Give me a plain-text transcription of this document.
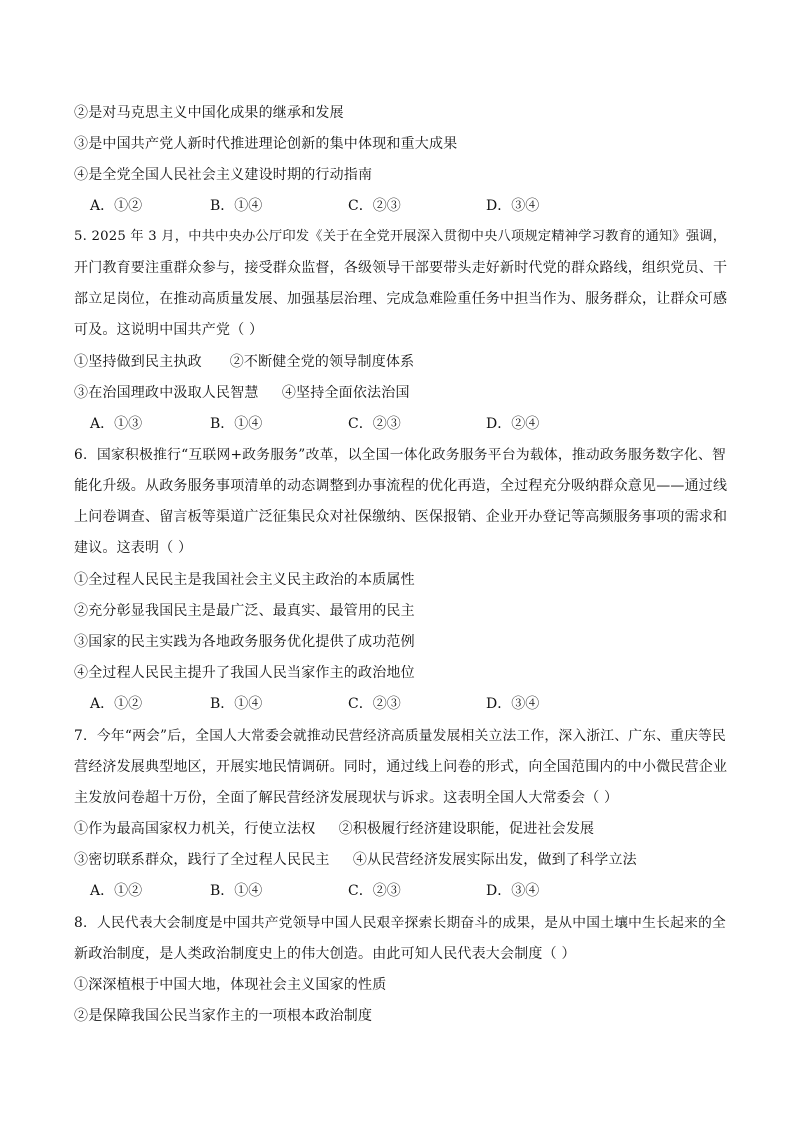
②是对马克思主义中国化成果的继承和发展
③是中国共产党人新时代推进理论创新的集中体现和重大成果
④是全党全国人民社会主义建设时期的行动指南
A．①②	B．①④	C．②③	D．③④
5. 2025 年 3 月，中共中央办公厅印发《关于在全党开展深入贯彻中央八项规定精神学习教育的通知》强调，
开门教育要注重群众参与，接受群众监督，各级领导干部要带头走好新时代党的群众路线，组织党员、干
部立足岗位，在推动高质量发展、加强基层治理、完成急难险重任务中担当作为、服务群众，让群众可感
可及。这说明中国共产党（ ）
①坚持做到民主执政      ②不断健全党的领导制度体系
③在治国理政中汲取人民智慧     ④坚持全面依法治国
A．①③	B．①④	C．②③	D．②④
6．国家积极推行“互联网+政务服务”改革，以全国一体化政务服务平台为载体，推动政务服务数字化、智
能化升级。从政务服务事项清单的动态调整到办事流程的优化再造，全过程充分吸纳群众意见——通过线
上问卷调查、留言板等渠道广泛征集民众对社保缴纳、医保报销、企业开办登记等高频服务事项的需求和
建议。这表明（ ）
①全过程人民民主是我国社会主义民主政治的本质属性
②充分彰显我国民主是最广泛、最真实、最管用的民主
③国家的民主实践为各地政务服务优化提供了成功范例
④全过程人民民主提升了我国人民当家作主的政治地位
A．①②	B．①④	C．②③	D．③④
7．今年“两会”后，全国人大常委会就推动民营经济高质量发展相关立法工作，深入浙江、广东、重庆等民
营经济发展典型地区，开展实地民情调研。同时，通过线上问卷的形式，向全国范围内的中小微民营企业
主发放问卷超十万份，全面了解民营经济发展现状与诉求。这表明全国人大常委会（ ）
①作为最高国家权力机关，行使立法权     ②积极履行经济建设职能，促进社会发展
③密切联系群众，践行了全过程人民民主     ④从民营经济发展实际出发，做到了科学立法
A．①②	B．①④	C．②③	D．③④
8．人民代表大会制度是中国共产党领导中国人民艰辛探索长期奋斗的成果，是从中国土壤中生长起来的全
新政治制度，是人类政治制度史上的伟大创造。由此可知人民代表大会制度（ ）
①深深植根于中国大地，体现社会主义国家的性质
②是保障我国公民当家作主的一项根本政治制度
